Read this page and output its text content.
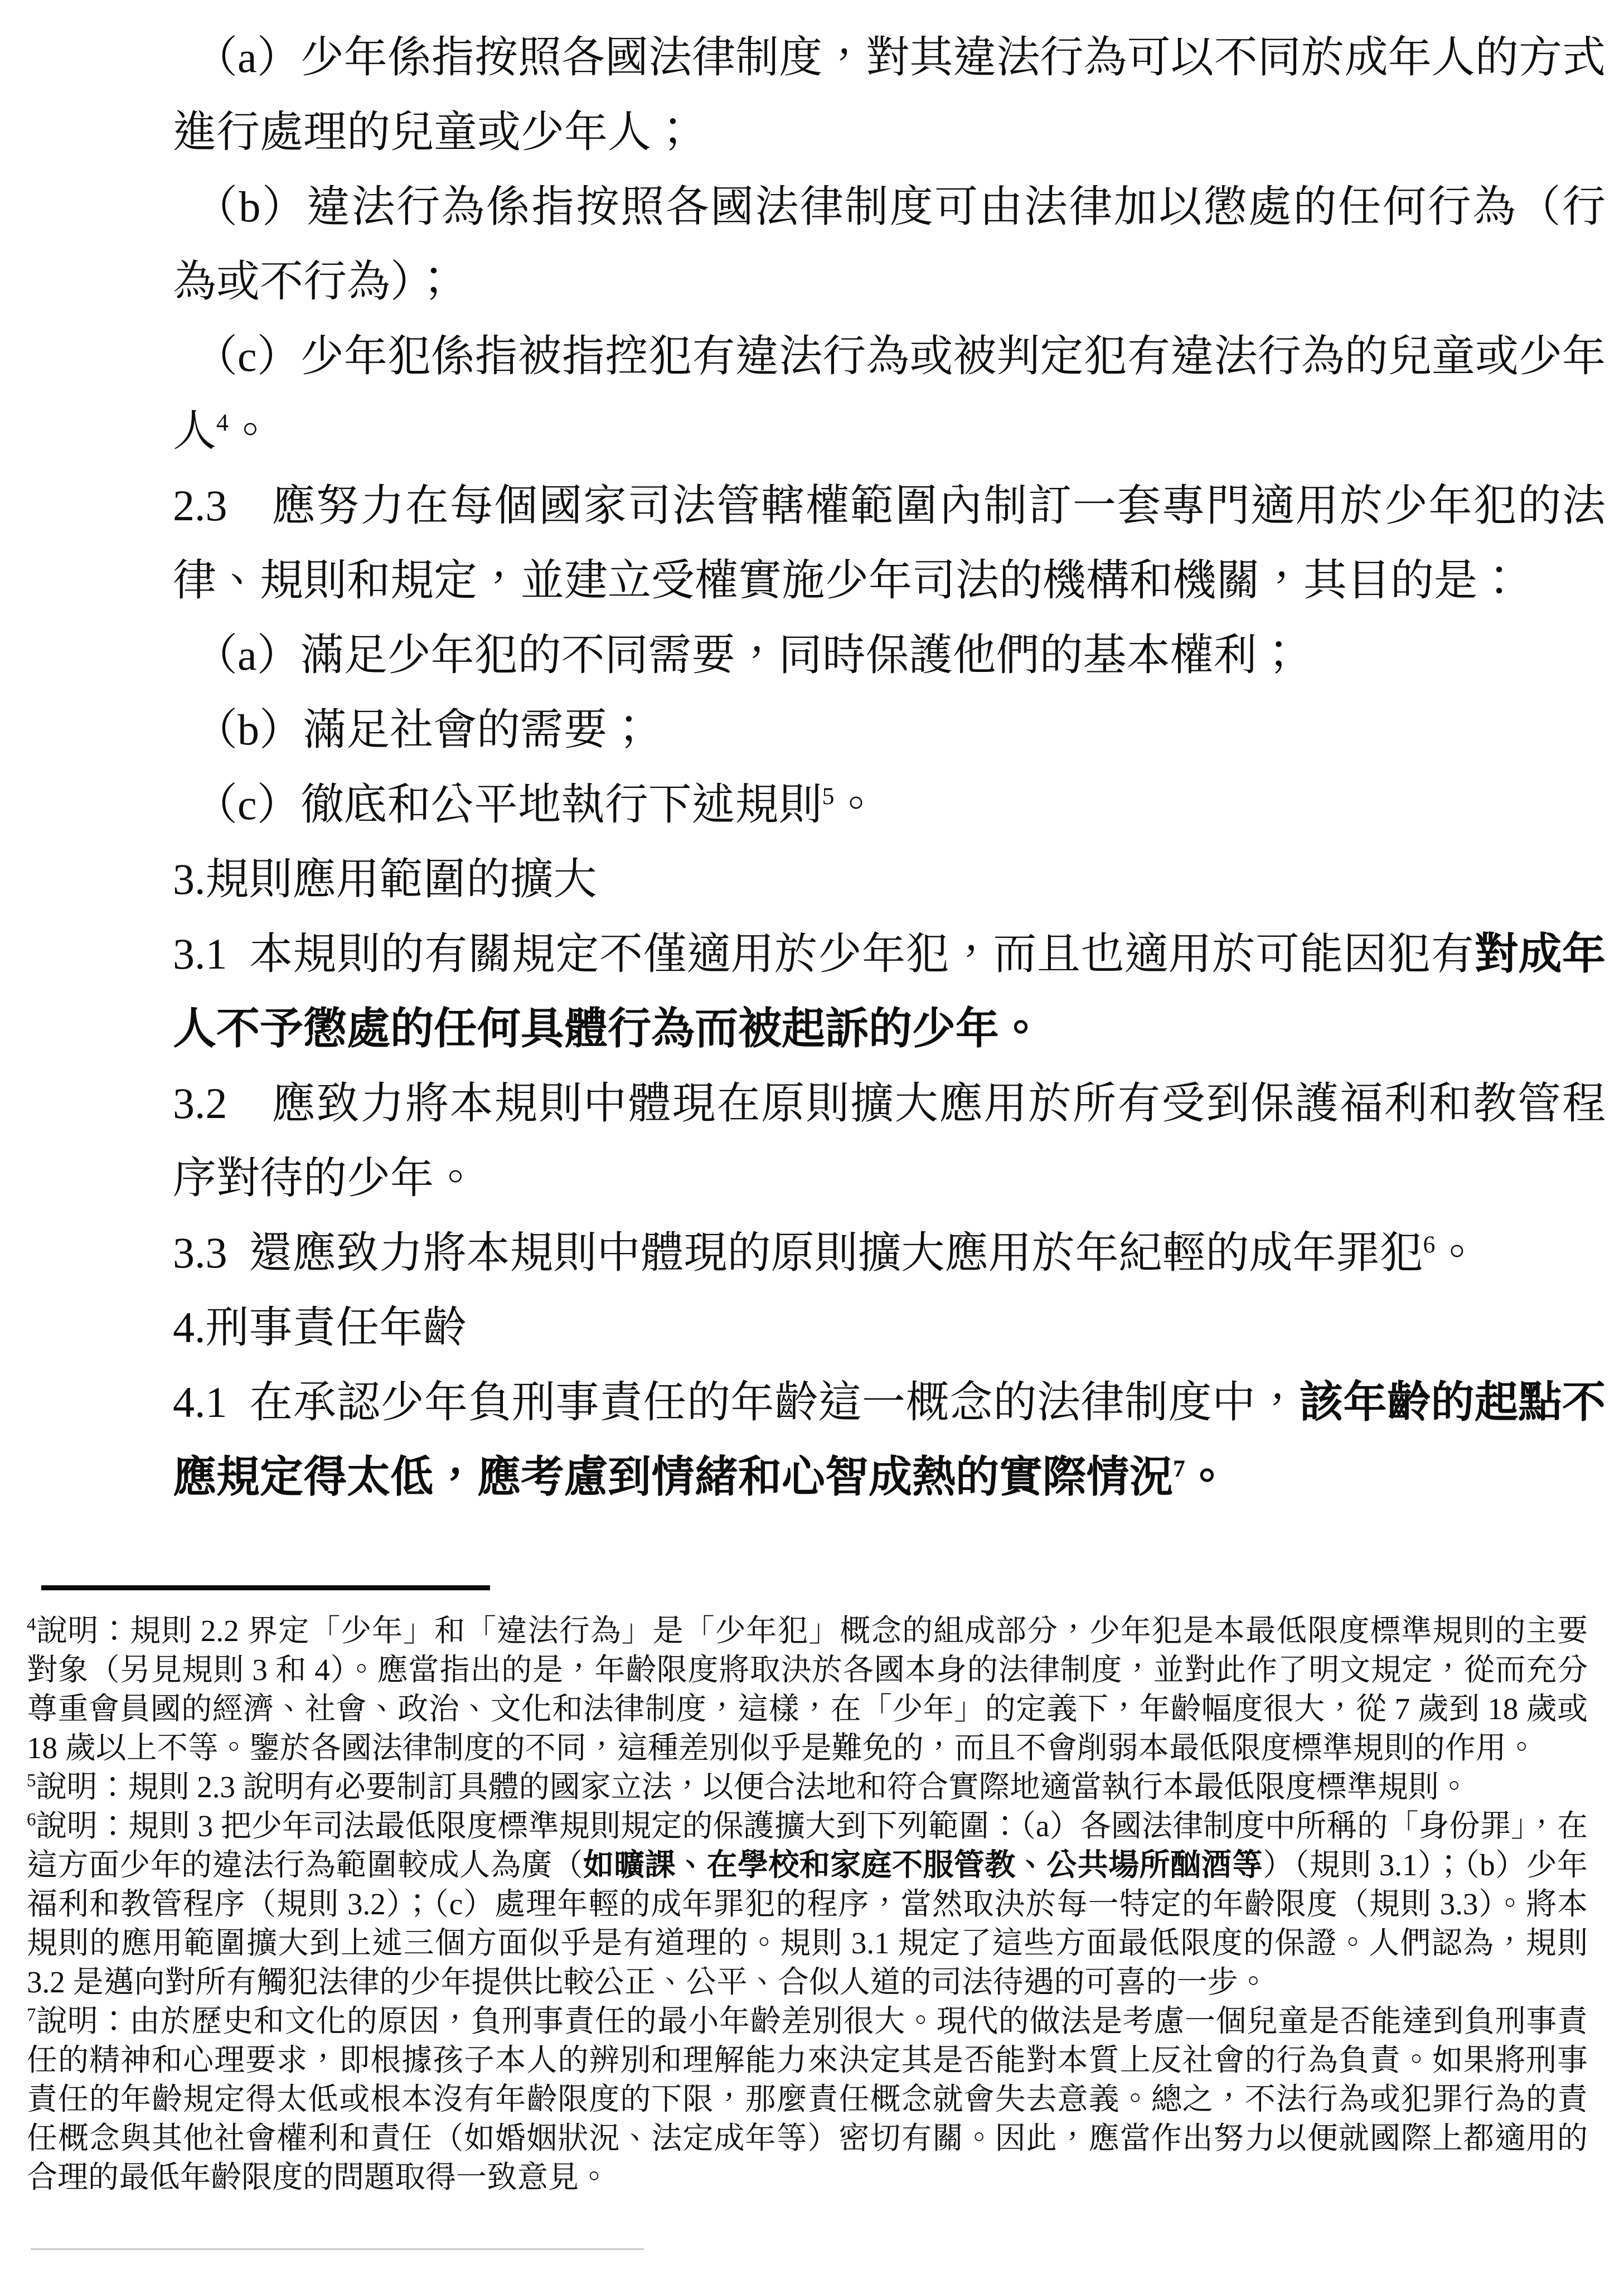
（a）少年係指按照各國法律制度，對其違法行為可以不同於成年人的方式進行處理的兒童或少年人；

（b）違法行為係指按照各國法律制度可由法律加以懲處的任何行為（行為或不行為）；

（c）少年犯係指被指控犯有違法行為或被判定犯有違法行為的兒童或少年人$^4$。

2.3 應努力在每個國家司法管轄權範圍內制訂一套專門適用於少年犯的法律、規則和規定，並建立受權實施少年司法的機構和機關，其目的是：

（a）滿足少年犯的不同需要，同時保護他們的基本權利；

（b）滿足社會的需要；

（c）徹底和公平地執行下述規則$^5$。

3.規則應用範圍的擴大

3.1 本規則的有關規定不僅適用於少年犯，而且也適用於可能因犯有對成年人不予懲處的任何具體行為而被起訴的少年。

3.2 應致力將本規則中體現在原則擴大應用於所有受到保護福利和教管程序對待的少年。

3.3 還應致力將本規則中體現的原則擴大應用於年紀輕的成年罪犯$^6$。

4.刑事責任年齡

4.1 在承認少年負刑事責任的年齡這一概念的法律制度中，該年齡的起點不應規定得太低，應考慮到情緒和心智成熱的實際情況$^7$。

$^4$說明：規則 2.2 界定「少年」和「違法行為」是「少年犯」概念的組成部分，少年犯是本最低限度標準規則的主要對象（另見規則 3 和 4）。應當指出的是，年齡限度將取決於各國本身的法律制度，並對此作了明文規定，從而充分尊重會員國的經濟、社會、政治、文化和法律制度，這樣，在「少年」的定義下，年齡幅度很大，從 7 歲到 18 歲或 18 歲以上不等。鑒於各國法律制度的不同，這種差別似乎是難免的，而且不會削弱本最低限度標準規則的作用。

$^5$說明：規則 2.3 說明有必要制訂具體的國家立法，以便合法地和符合實際地適當執行本最低限度標準規則。

$^6$說明：規則 3 把少年司法最低限度標準規則規定的保護擴大到下列範圍：（a）各國法律制度中所稱的「身份罪」，在這方面少年的違法行為範圍較成人為廣（如曠課、在學校和家庭不服管教、公共場所酗酒等）（規則 3.1）；（b）少年福利和教管程序（規則 3.2）；（c）處理年輕的成年罪犯的程序，當然取決於每一特定的年齡限度（規則 3.3）。將本規則的應用範圍擴大到上述三個方面似乎是有道理的。規則 3.1 規定了這些方面最低限度的保證。人們認為，規則 3.2 是邁向對所有觸犯法律的少年提供比較公正、公平、合似人道的司法待遇的可喜的一步。

$^7$說明：由於歷史和文化的原因，負刑事責任的最小年齡差別很大。現代的做法是考慮一個兒童是否能達到負刑事責任的精神和心理要求，即根據孩子本人的辨別和理解能力來決定其是否能對本質上反社會的行為負責。如果將刑事責任的年齡規定得太低或根本沒有年齡限度的下限，那麼責任概念就會失去意義。總之，不法行為或犯罪行為的責任概念與其他社會權利和責任（如婚姻狀況、法定成年等）密切有關。因此，應當作出努力以便就國際上都適用的合理的最低年齡限度的問題取得一致意見。
